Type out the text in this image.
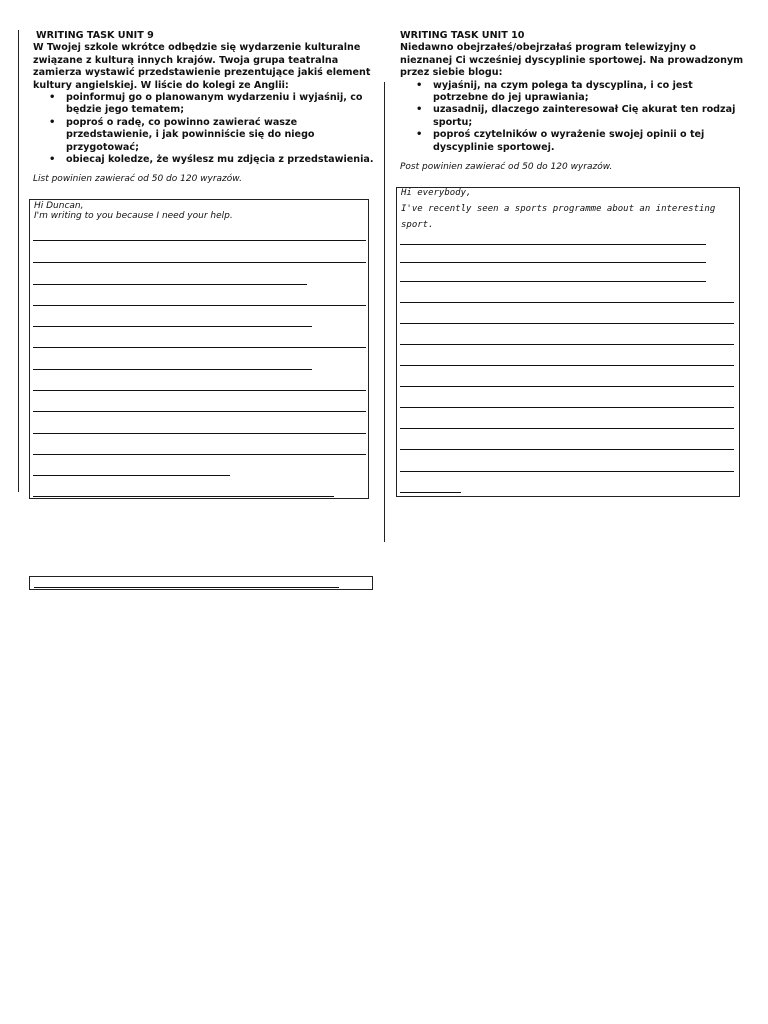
WRITING TASK UNIT 9
W Twojej szkole wkrótce odbędzie się wydarzenie kulturalne związane z kulturą innych krajów. Twoja grupa teatralna zamierza wystawić przedstawienie prezentujące jakiś element kultury angielskiej. W liście do kolegi ze Anglii:
• poinformuj go o planowanym wydarzeniu i wyjaśnij, co będzie jego tematem;
• poproś o radę, co powinno zawierać wasze przedstawienie, i jak powinniście się do niego przygotować;
• obiecaj koledze, że wyślesz mu zdjęcia z przedstawienia.
List powinien zawierać od 50 do 120 wyrazów.
Hi Duncan,
I'm writing to you because I need your help.
WRITING TASK UNIT 10
Niedawno obejrzałeś/obejrzałaś program telewizyjny o nieznanej Ci wcześniej dyscyplinie sportowej. Na prowadzonym przez siebie blogu:
• wyjaśnij, na czym polega ta dyscyplina, i co jest potrzebne do jej uprawiania;
• uzasadnij, dlaczego zainteresował Cię akurat ten rodzaj sportu;
• poproś czytelników o wyrażenie swojej opinii o tej dyscyplinie sportowej.
Post powinien zawierać od 50 do 120 wyrazów.
Hi everybody,
I've recently seen a sports programme about an interesting sport.
